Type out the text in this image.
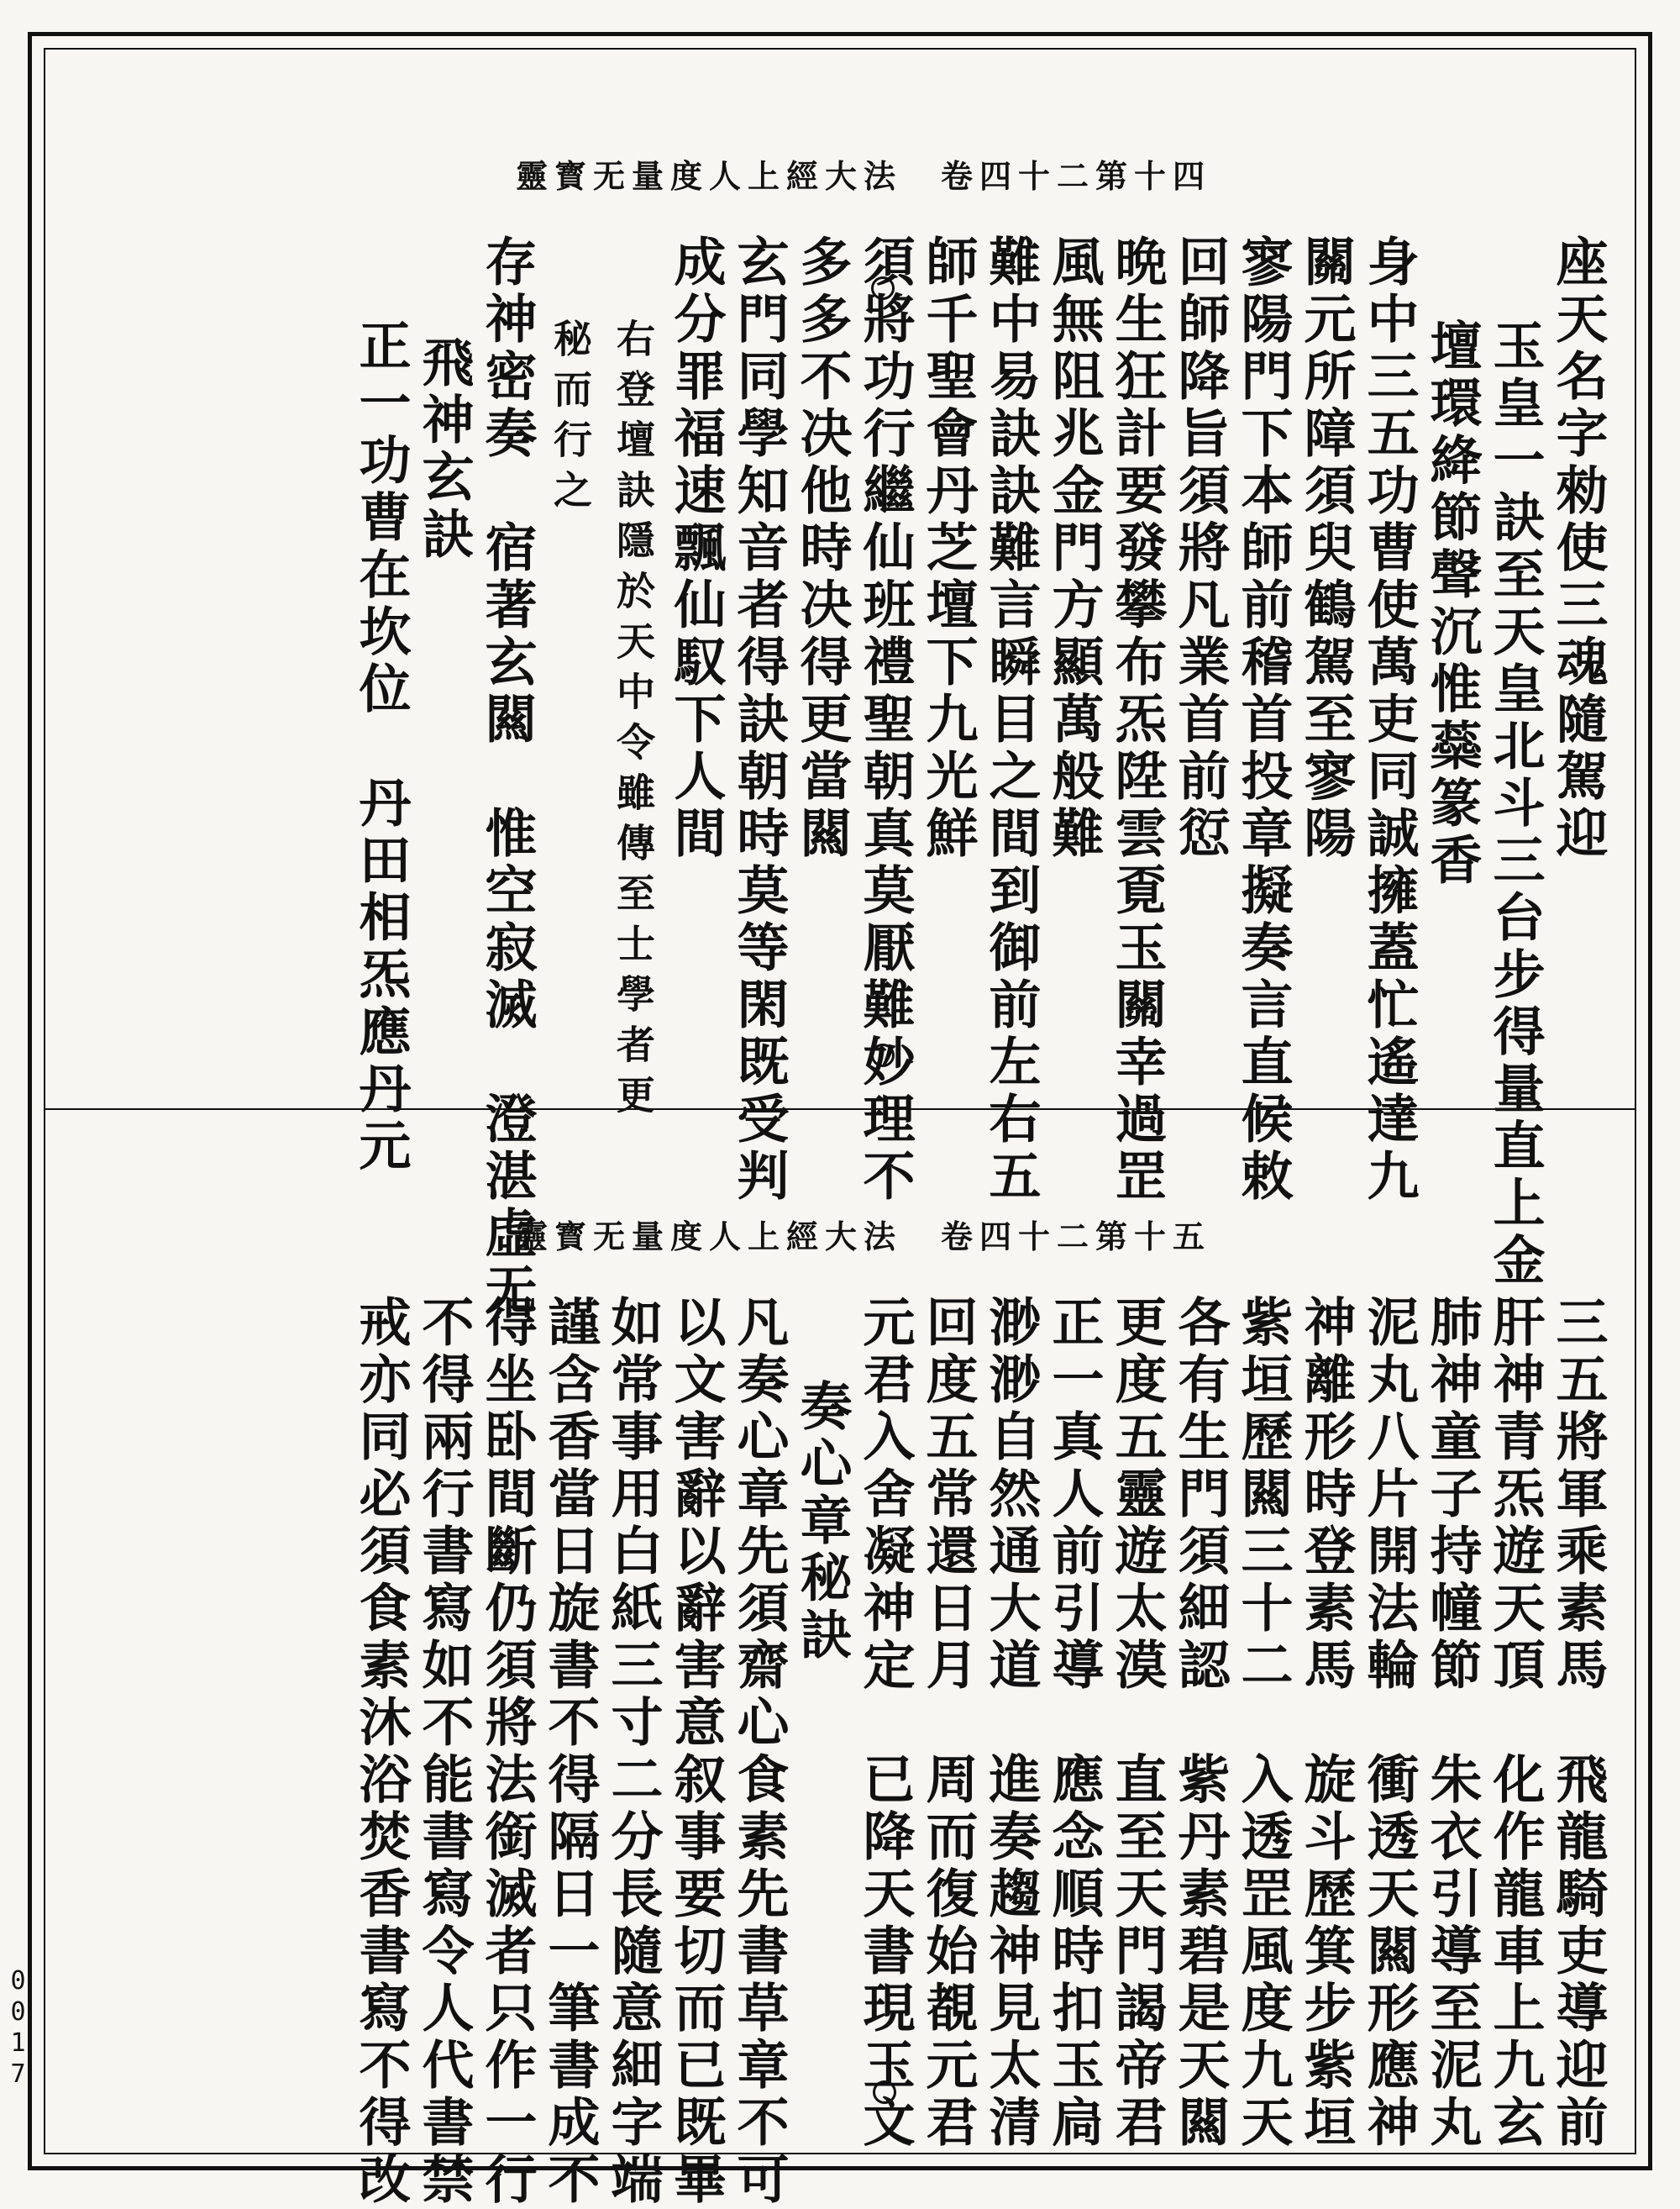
靈寳无量度人上經大法　卷四十二第十四
座天名字勑使三魂隨駕迎
玉皇一訣至天皇北斗三台步得量直上金
壇環絳節聲沉惟蘂篆香
身中三五功曹使萬吏同誠擁蓋忙遙達九
關元所障須臾鶴駕至寥陽
寥陽門下本師前稽首投章擬奏言直候敕
回師降旨須將凡業首前愆
晩生狂計要發攀布炁陞雲覔玉關幸過罡
風無阻兆金門方顯萬般難
難中易訣訣難言瞬目之間到御前左右五
師千聖會丹芝壇下九光鮮
須將功行繼仙班禮聖朝真莫厭難妙理不
多多不决他時决得更當闗
玄門同學知音者得訣朝時莫等閑既受判
成分罪福速飄仙馭下人間
右登壇訣隱於天中令雖傳至士學者更
秘而行之
存神密奏　宿著玄闗　惟空寂滅　澄湛虛无
飛神玄訣
正一功曹在坎位　丹田相炁應丹元
靈寳无量度人上經大法　卷四十二第十五
三五將軍乘素馬　飛龍騎吏導迎前
肝神青炁遊天頂　化作龍車上九玄
肺神童子持幢節　朱衣引導至泥丸
泥丸八片開法輪　衝透天闗形應神
神離形時登素馬　旋斗歷箕步紫垣
紫垣歷闗三十二　入透罡風度九天
各有生門須細認　紫丹素碧是天闗
更度五靈遊太漠　直至天門謁帝君
正一真人前引導　應念順時扣玉扃
渺渺自然通大道　進奏趨神見太清
回度五常還日月　周而復始覩元君
元君入舍凝神定　已降天書現玉文
奏心章秘訣
凡奏心章先須齋心食素先書草章不可
以文害辭以辭害意叙事要切而已既畢
如常事用白紙三寸二分長隨意細字端
謹含香當日旋書不得隔日一筆書成不
得坐卧間斷仍須將法銜滅者只作一行
不得兩行書寫如不能書寫令人代書禁
戒亦同必須食素沐浴焚香書寫不得改
0017
